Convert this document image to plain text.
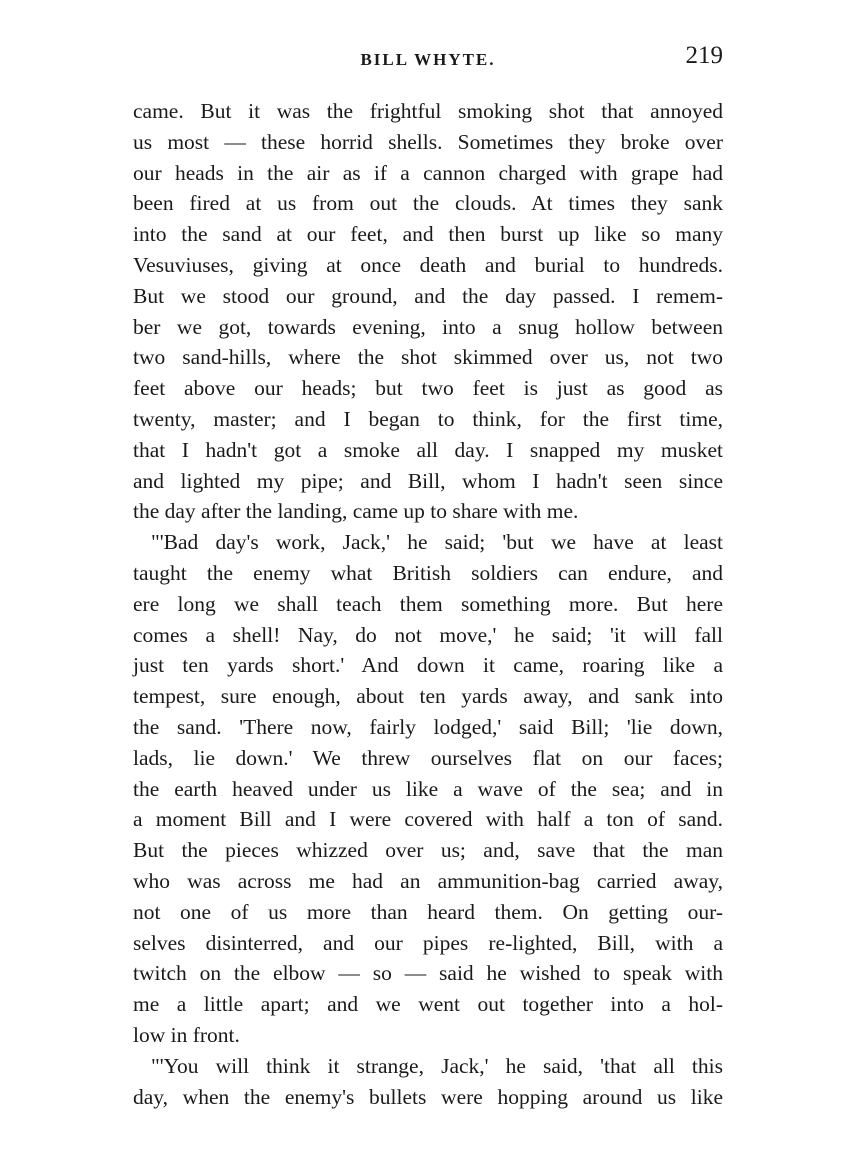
BILL WHYTE.	219
came. But it was the frightful smoking shot that annoyed
us most — these horrid shells. Sometimes they broke over
our heads in the air as if a cannon charged with grape had
been fired at us from out the clouds. At times they sank
into the sand at our feet, and then burst up like so many
Vesuviuses, giving at once death and burial to hundreds.
But we stood our ground, and the day passed. I remem-
ber we got, towards evening, into a snug hollow between
two sand-hills, where the shot skimmed over us, not two
feet above our heads; but two feet is just as good as
twenty, master; and I began to think, for the first time,
that I hadn't got a smoke all day. I snapped my musket
and lighted my pipe; and Bill, whom I hadn't seen since
the day after the landing, came up to share with me.
"'Bad day's work, Jack,' he said; 'but we have at least
taught the enemy what British soldiers can endure, and
ere long we shall teach them something more. But here
comes a shell! Nay, do not move,' he said; 'it will fall
just ten yards short.' And down it came, roaring like a
tempest, sure enough, about ten yards away, and sank into
the sand. 'There now, fairly lodged,' said Bill; 'lie down,
lads, lie down.' We threw ourselves flat on our faces;
the earth heaved under us like a wave of the sea; and in
a moment Bill and I were covered with half a ton of sand.
But the pieces whizzed over us; and, save that the man
who was across me had an ammunition-bag carried away,
not one of us more than heard them. On getting our-
selves disinterred, and our pipes re-lighted, Bill, with a
twitch on the elbow — so — said he wished to speak with
me a little apart; and we went out together into a hol-
low in front.
"'You will think it strange, Jack,' he said, 'that all this
day, when the enemy's bullets were hopping around us like
